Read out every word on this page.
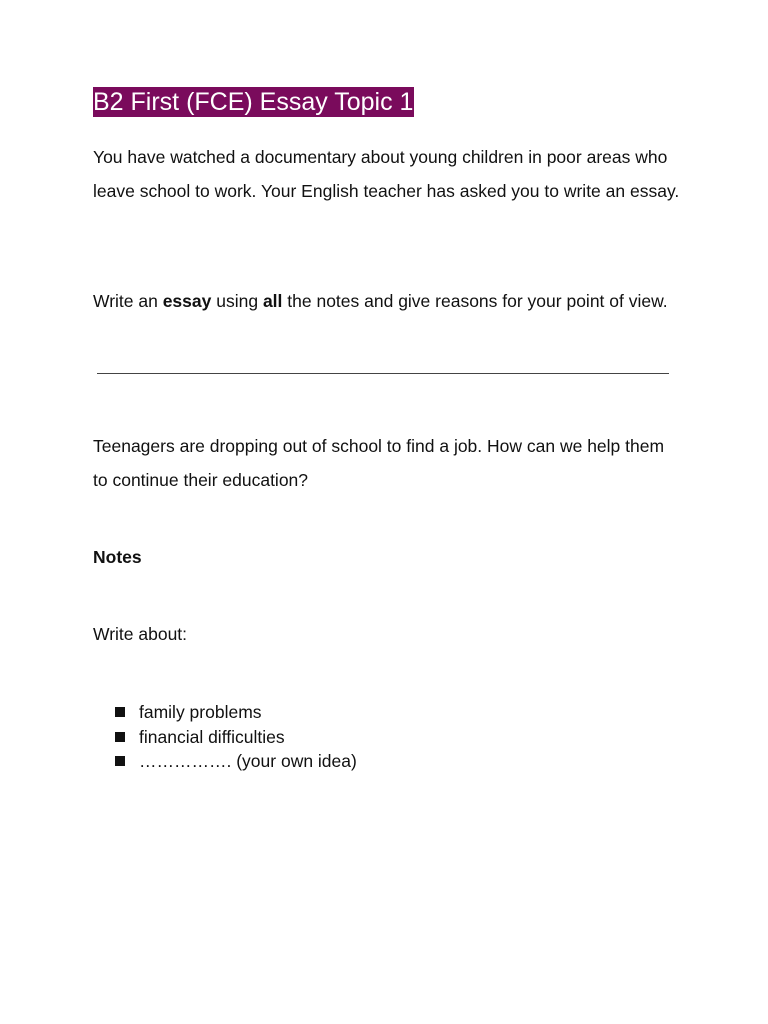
B2 First (FCE) Essay Topic 1

You have watched a documentary about young children in poor areas who leave school to work. Your English teacher has asked you to write an essay.

Write an essay using all the notes and give reasons for your point of view.

Teenagers are dropping out of school to find a job. How can we help them to continue their education?

Notes

Write about:

family problems
financial difficulties
……………. (your own idea)
